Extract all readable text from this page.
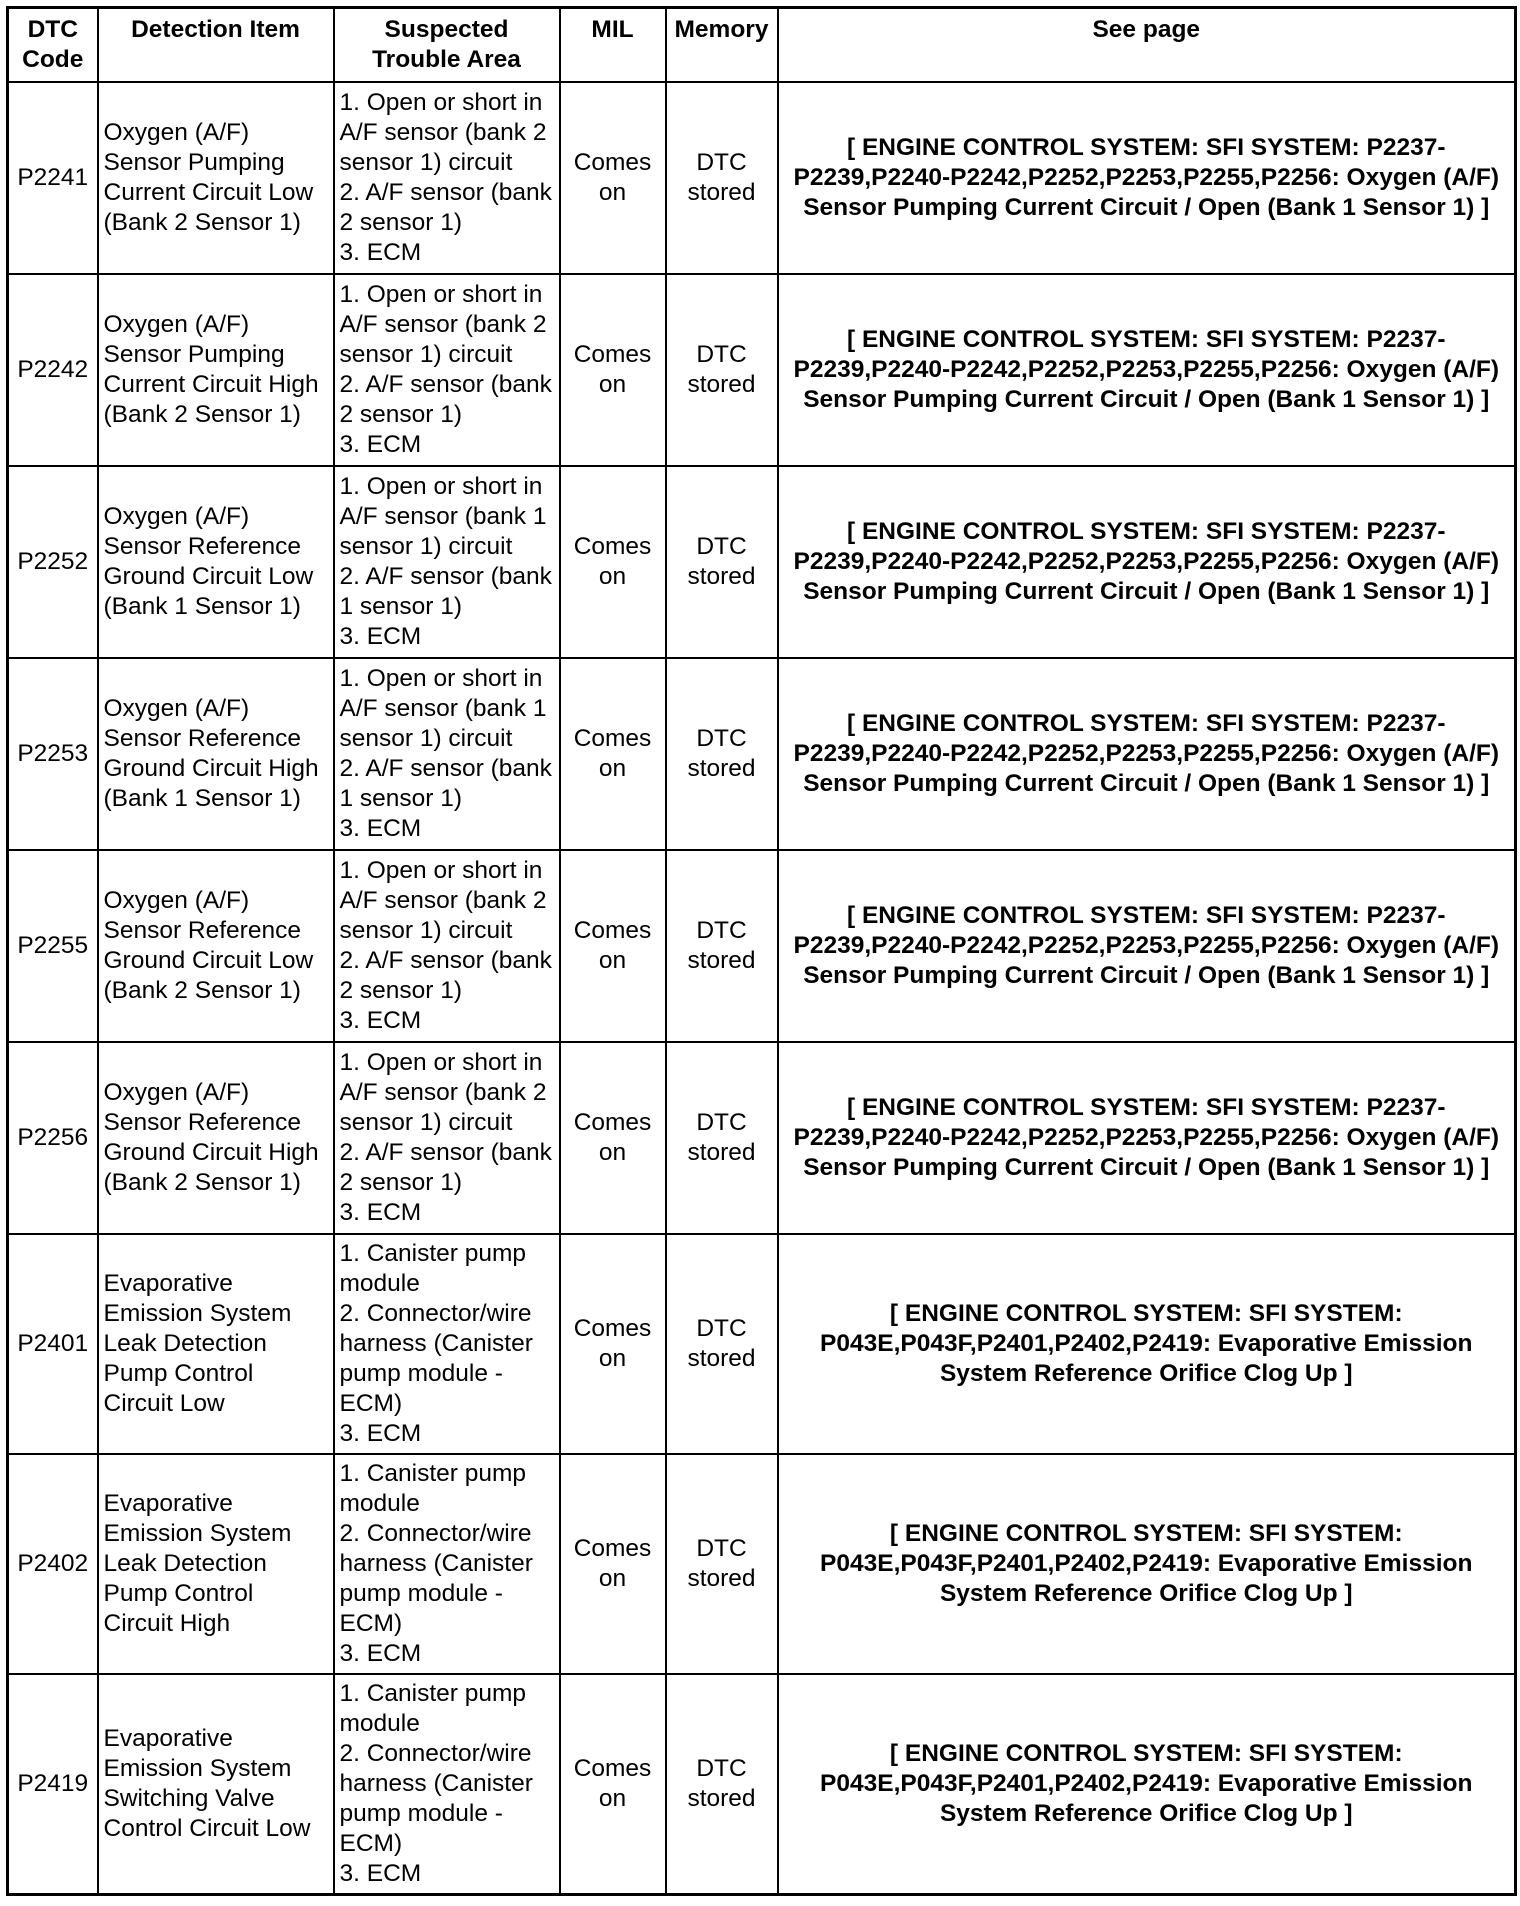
DTC
Code	Detection Item	Suspected
Trouble Area	MIL	Memory	See page
P2241	Oxygen (A/F) Sensor Pumping Current Circuit Low (Bank 2 Sensor 1)	1. Open or short in A/F sensor (bank 2 sensor 1) circuit
2. A/F sensor (bank 2 sensor 1)
3. ECM	Comes on	DTC stored	[ ENGINE CONTROL SYSTEM: SFI SYSTEM: P2237-P2239,P2240-P2242,P2252,P2253,P2255,P2256: Oxygen (A/F) Sensor Pumping Current Circuit / Open (Bank 1 Sensor 1) ]
P2242	Oxygen (A/F) Sensor Pumping Current Circuit High (Bank 2 Sensor 1)	1. Open or short in A/F sensor (bank 2 sensor 1) circuit
2. A/F sensor (bank 2 sensor 1)
3. ECM	Comes on	DTC stored	[ ENGINE CONTROL SYSTEM: SFI SYSTEM: P2237-P2239,P2240-P2242,P2252,P2253,P2255,P2256: Oxygen (A/F) Sensor Pumping Current Circuit / Open (Bank 1 Sensor 1) ]
P2252	Oxygen (A/F) Sensor Reference Ground Circuit Low (Bank 1 Sensor 1)	1. Open or short in A/F sensor (bank 1 sensor 1) circuit
2. A/F sensor (bank 1 sensor 1)
3. ECM	Comes on	DTC stored	[ ENGINE CONTROL SYSTEM: SFI SYSTEM: P2237-P2239,P2240-P2242,P2252,P2253,P2255,P2256: Oxygen (A/F) Sensor Pumping Current Circuit / Open (Bank 1 Sensor 1) ]
P2253	Oxygen (A/F) Sensor Reference Ground Circuit High (Bank 1 Sensor 1)	1. Open or short in A/F sensor (bank 1 sensor 1) circuit
2. A/F sensor (bank 1 sensor 1)
3. ECM	Comes on	DTC stored	[ ENGINE CONTROL SYSTEM: SFI SYSTEM: P2237-P2239,P2240-P2242,P2252,P2253,P2255,P2256: Oxygen (A/F) Sensor Pumping Current Circuit / Open (Bank 1 Sensor 1) ]
P2255	Oxygen (A/F) Sensor Reference Ground Circuit Low (Bank 2 Sensor 1)	1. Open or short in A/F sensor (bank 2 sensor 1) circuit
2. A/F sensor (bank 2 sensor 1)
3. ECM	Comes on	DTC stored	[ ENGINE CONTROL SYSTEM: SFI SYSTEM: P2237-P2239,P2240-P2242,P2252,P2253,P2255,P2256: Oxygen (A/F) Sensor Pumping Current Circuit / Open (Bank 1 Sensor 1) ]
P2256	Oxygen (A/F) Sensor Reference Ground Circuit High (Bank 2 Sensor 1)	1. Open or short in A/F sensor (bank 2 sensor 1) circuit
2. A/F sensor (bank 2 sensor 1)
3. ECM	Comes on	DTC stored	[ ENGINE CONTROL SYSTEM: SFI SYSTEM: P2237-P2239,P2240-P2242,P2252,P2253,P2255,P2256: Oxygen (A/F) Sensor Pumping Current Circuit / Open (Bank 1 Sensor 1) ]
P2401	Evaporative Emission System Leak Detection Pump Control Circuit Low	1. Canister pump module
2. Connector/wire harness (Canister pump module - ECM)
3. ECM	Comes on	DTC stored	[ ENGINE CONTROL SYSTEM: SFI SYSTEM: P043E,P043F,P2401,P2402,P2419: Evaporative Emission System Reference Orifice Clog Up ]
P2402	Evaporative Emission System Leak Detection Pump Control Circuit High	1. Canister pump module
2. Connector/wire harness (Canister pump module - ECM)
3. ECM	Comes on	DTC stored	[ ENGINE CONTROL SYSTEM: SFI SYSTEM: P043E,P043F,P2401,P2402,P2419: Evaporative Emission System Reference Orifice Clog Up ]
P2419	Evaporative Emission System Switching Valve Control Circuit Low	1. Canister pump module
2. Connector/wire harness (Canister pump module - ECM)
3. ECM	Comes on	DTC stored	[ ENGINE CONTROL SYSTEM: SFI SYSTEM: P043E,P043F,P2401,P2402,P2419: Evaporative Emission System Reference Orifice Clog Up ]
